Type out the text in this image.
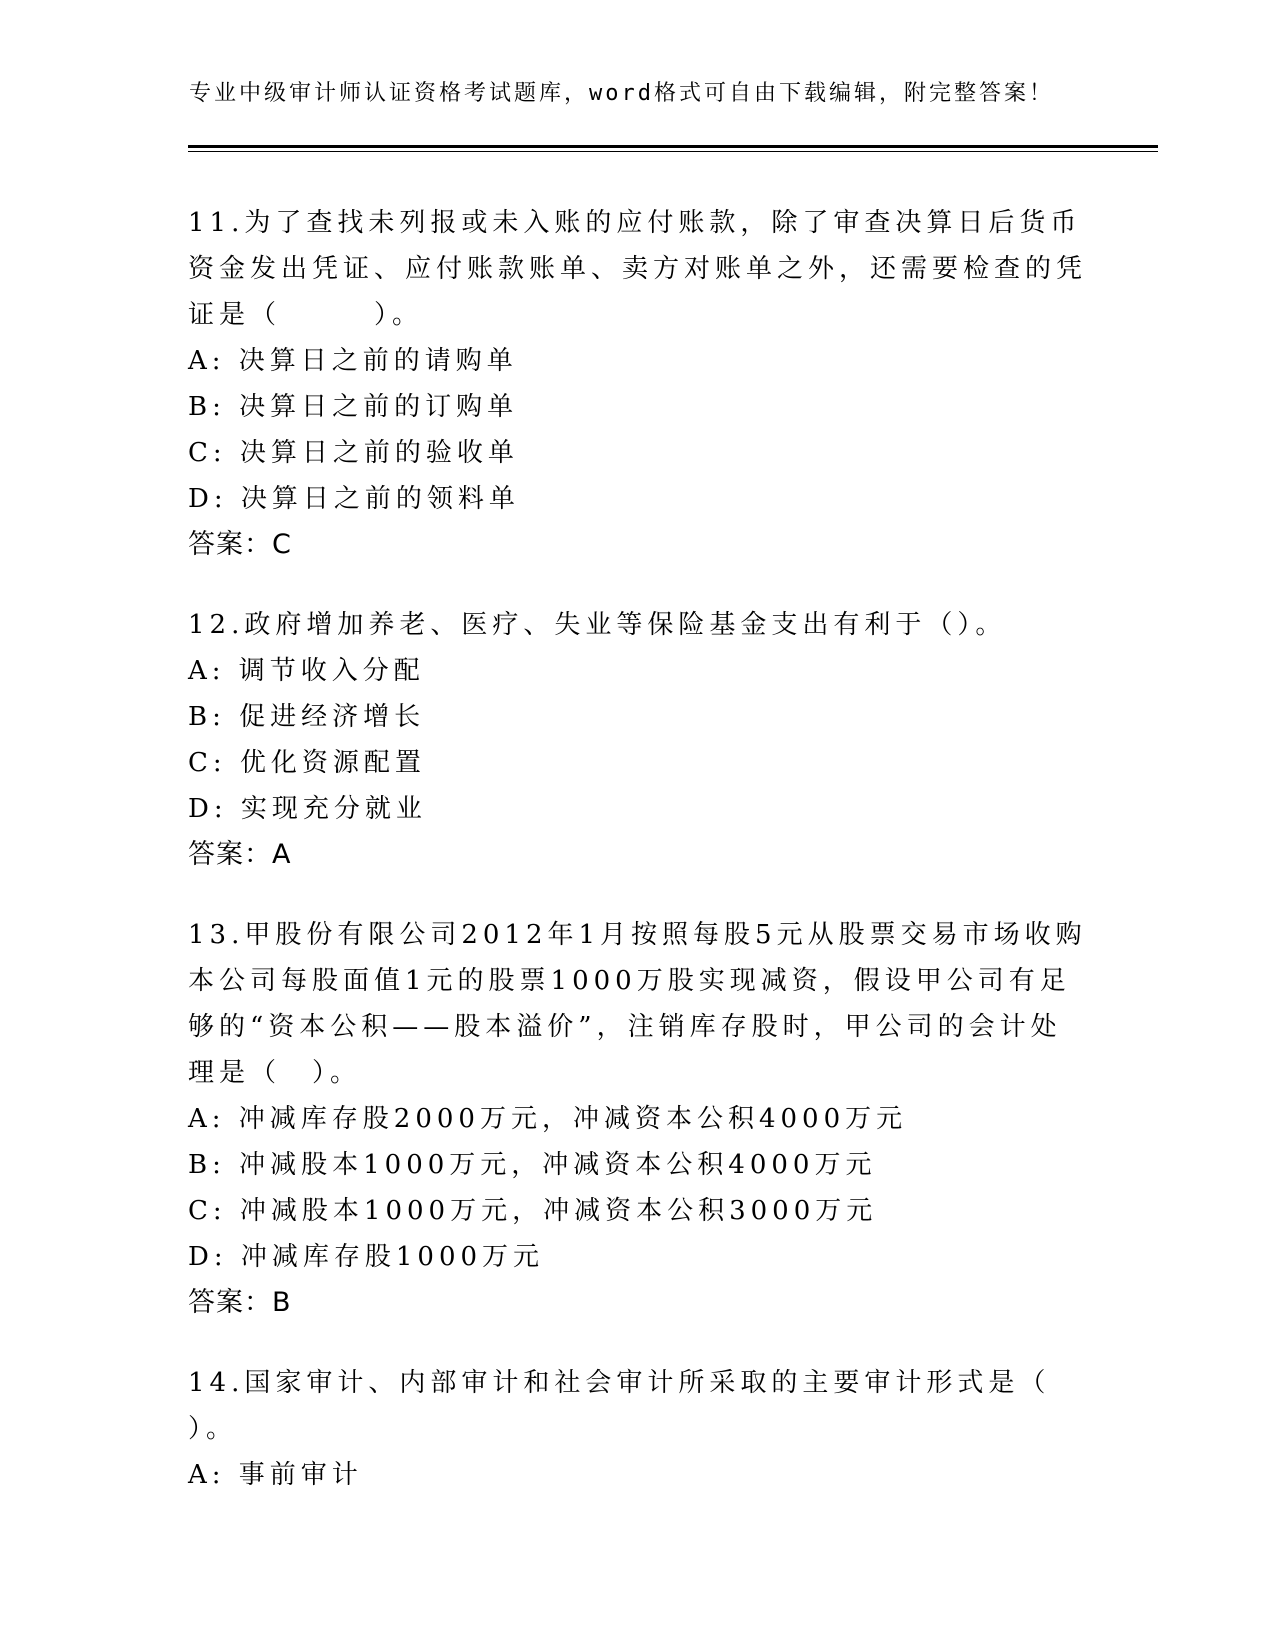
专业中级审计师认证资格考试题库，word格式可自由下载编辑，附完整答案！

11.为了查找未列报或未入账的应付账款，除了审查决算日后货币资金发出凭证、应付账款账单、卖方对账单之外，还需要检查的凭证是（　　　）。

A: 决算日之前的请购单

B: 决算日之前的订购单

C: 决算日之前的验收单

D: 决算日之前的领料单

答案：C

12.政府增加养老、医疗、失业等保险基金支出有利于（）。

A: 调节收入分配

B: 促进经济增长

C: 优化资源配置

D: 实现充分就业

答案：A

13.甲股份有限公司2012年1月按照每股5元从股票交易市场收购本公司每股面值1元的股票1000万股实现减资，假设甲公司有足够的“资本公积——股本溢价”，注销库存股时，甲公司的会计处理是（　）。

A: 冲减库存股2000万元，冲减资本公积4000万元

B: 冲减股本1000万元，冲减资本公积4000万元

C: 冲减股本1000万元，冲减资本公积3000万元

D: 冲减库存股1000万元

答案：B

14.国家审计、内部审计和社会审计所采取的主要审计形式是（ ）。

A: 事前审计
